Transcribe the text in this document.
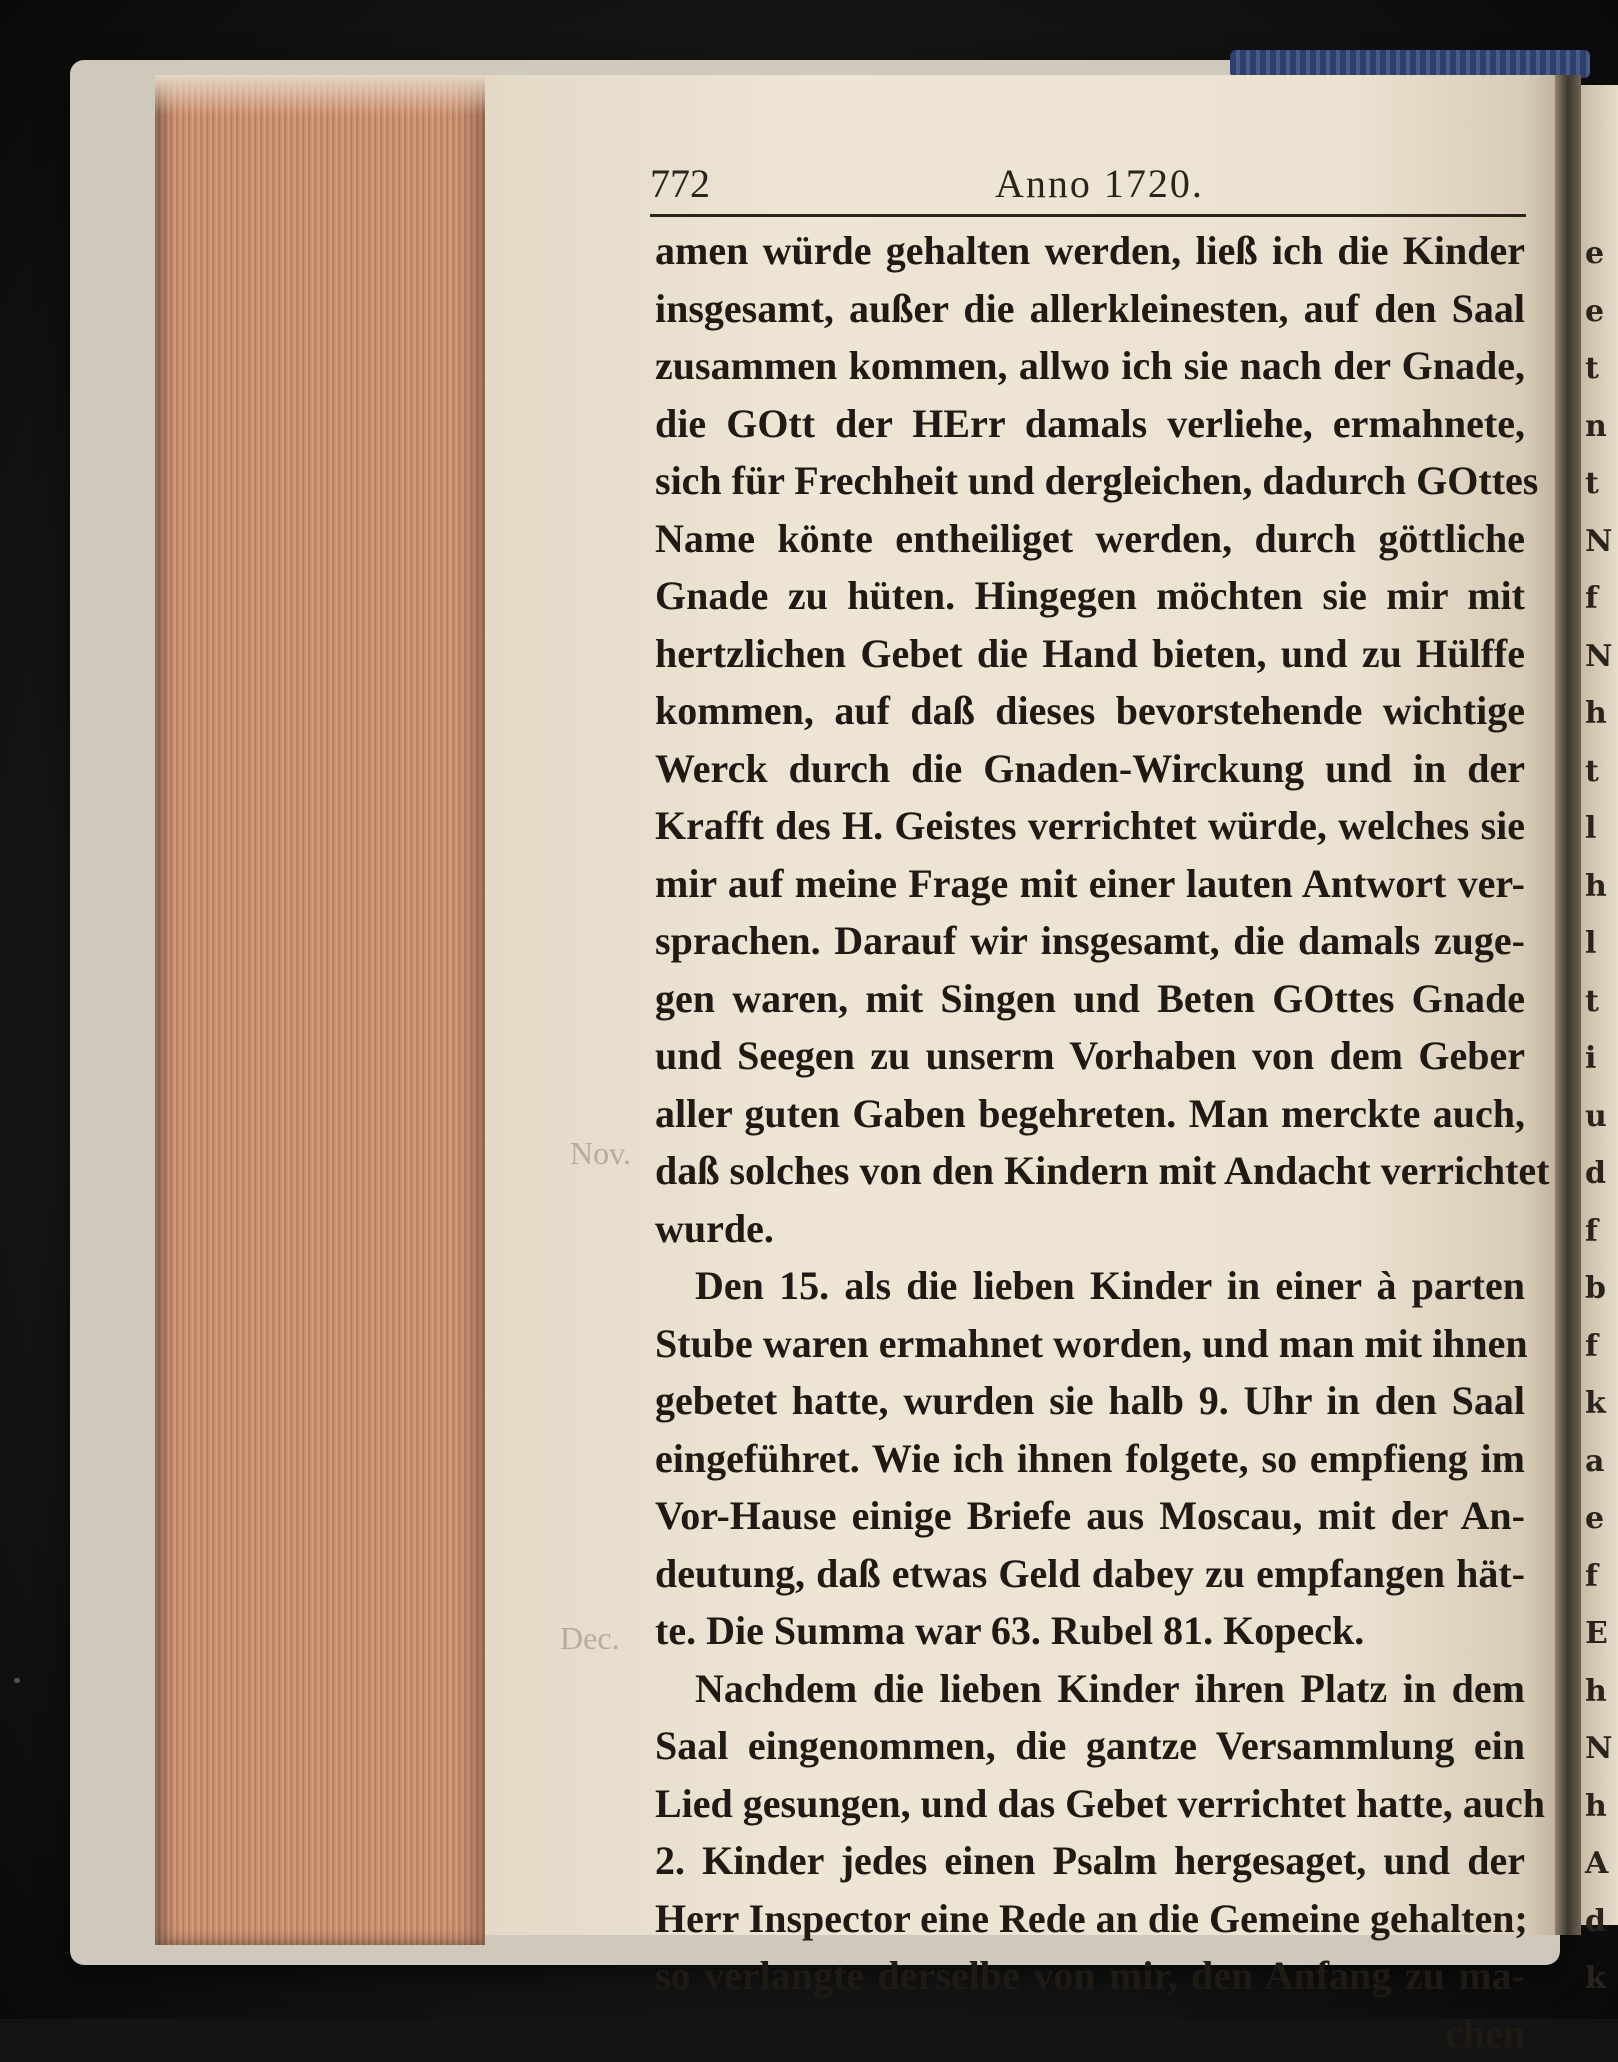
e
e
t
n
t
N
f
N
h
t
l
h
l
t
i
u
d
f
b
f
k
a
e
f
E
h
N
h
A
d
k
Nov.
Dec.
772	Anno 1720.
amen würde gehalten werden, ließ ich die Kinder
insgesamt, außer die allerkleinesten, auf den Saal
zusammen kommen, allwo ich sie nach der Gnade,
die GOtt der HErr damals verliehe, ermahnete,
sich für Frechheit und dergleichen, dadurch GOttes
Name könte entheiliget werden, durch göttliche
Gnade zu hüten. Hingegen möchten sie mir mit
hertzlichen Gebet die Hand bieten, und zu Hülffe
kommen, auf daß dieses bevorstehende wichtige
Werck durch die Gnaden-Wirckung und in der
Krafft des H. Geistes verrichtet würde, welches sie
mir auf meine Frage mit einer lauten Antwort ver-
sprachen. Darauf wir insgesamt, die damals zuge-
gen waren, mit Singen und Beten GOttes Gnade
und Seegen zu unserm Vorhaben von dem Geber
aller guten Gaben begehreten. Man merckte auch,
daß solches von den Kindern mit Andacht verrichtet
wurde.
Den 15. als die lieben Kinder in einer à parten
Stube waren ermahnet worden, und man mit ihnen
gebetet hatte, wurden sie halb 9. Uhr in den Saal
eingeführet. Wie ich ihnen folgete, so empfieng im
Vor-Hause einige Briefe aus Moscau, mit der An-
deutung, daß etwas Geld dabey zu empfangen hät-
te. Die Summa war 63. Rubel 81. Kopeck.
Nachdem die lieben Kinder ihren Platz in dem
Saal eingenommen, die gantze Versammlung ein
Lied gesungen, und das Gebet verrichtet hatte, auch
2. Kinder jedes einen Psalm hergesaget, und der
Herr Inspector eine Rede an die Gemeine gehalten;
so verlangte derselbe von mir, den Anfang zu ma-
chen
